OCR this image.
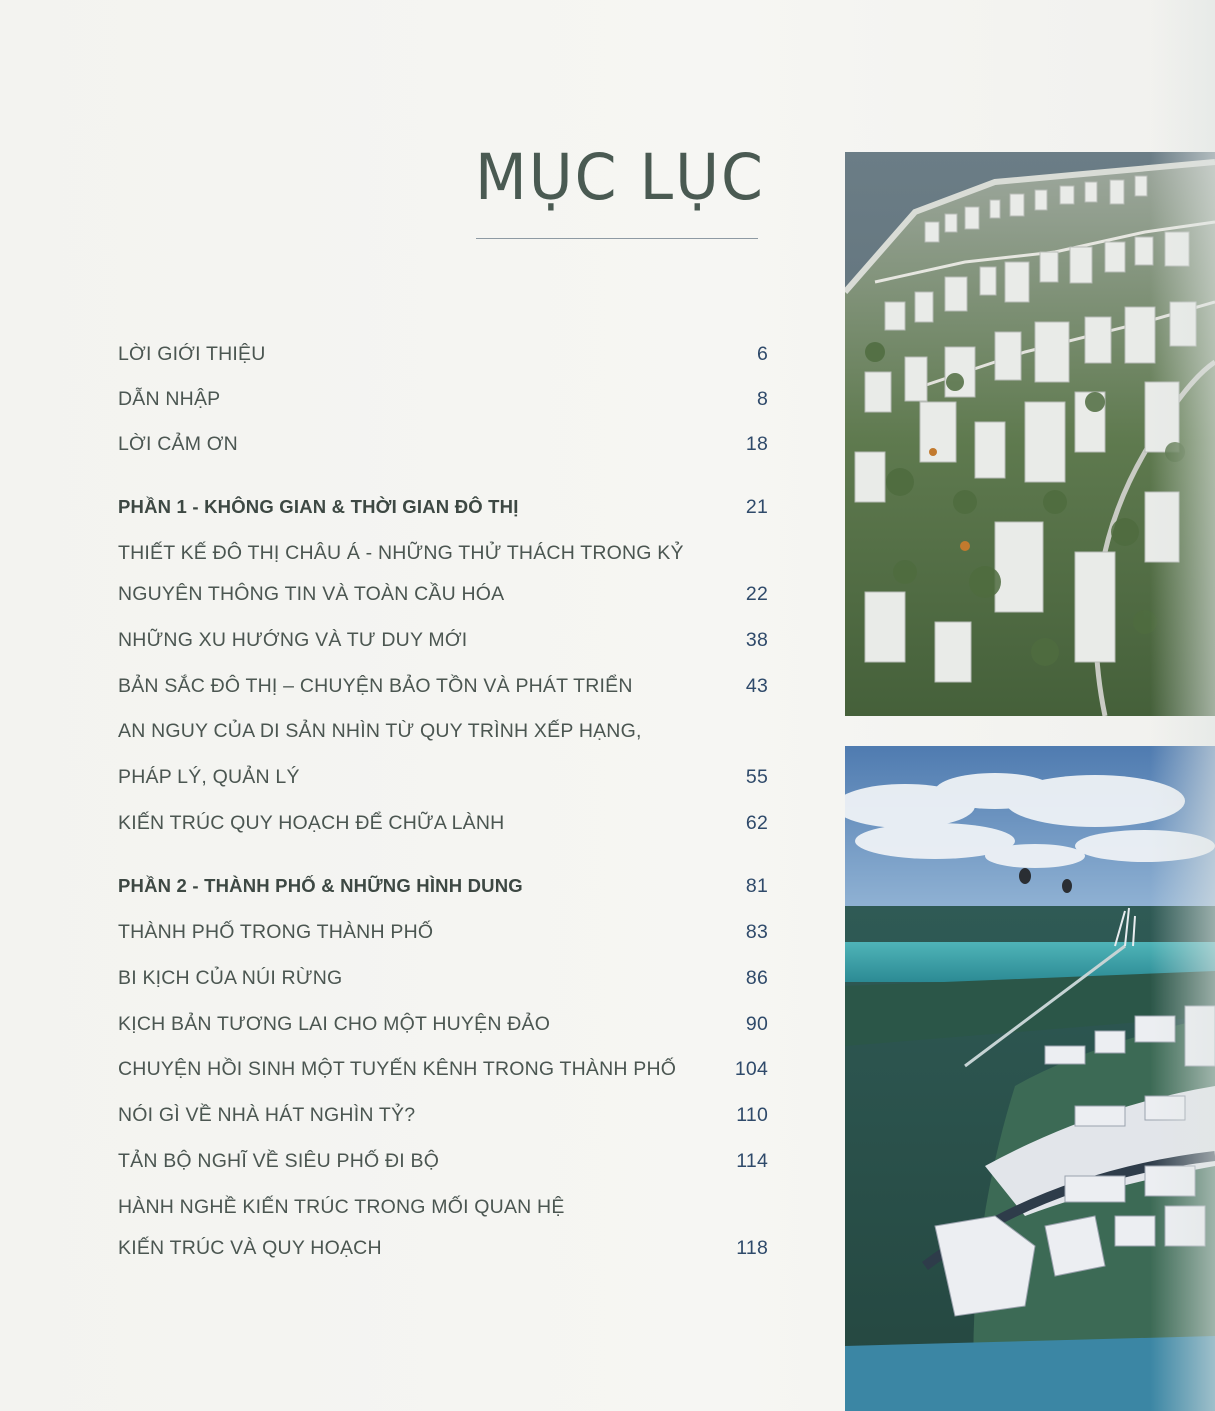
MỤC LỤC
LỜI GIỚI THIỆU	6
DẪN NHẬP	8
LỜI CẢM ƠN	18
PHẦN 1 - KHÔNG GIAN & THỜI GIAN ĐÔ THỊ	21
THIẾT KẾ ĐÔ THỊ CHÂU Á - NHỮNG THỬ THÁCH TRONG KỶ
NGUYÊN THÔNG TIN VÀ TOÀN CẦU HÓA	22
NHỮNG XU HƯỚNG VÀ TƯ DUY MỚI	38
BẢN SẮC ĐÔ THỊ – CHUYỆN BẢO TỒN VÀ PHÁT TRIỂN	43
AN NGUY CỦA DI SẢN NHÌN TỪ QUY TRÌNH XẾP HẠNG,
PHÁP LÝ, QUẢN LÝ	55
KIẾN TRÚC QUY HOẠCH ĐỂ CHỮA LÀNH	62
PHẦN 2 - THÀNH PHỐ & NHỮNG HÌNH DUNG	81
THÀNH PHỐ TRONG THÀNH PHỐ	83
BI KỊCH CỦA NÚI RỪNG	86
KỊCH BẢN TƯƠNG LAI CHO MỘT HUYỆN ĐẢO	90
CHUYỆN HỒI SINH MỘT TUYẾN KÊNH TRONG THÀNH PHỐ	104
NÓI GÌ VỀ NHÀ HÁT NGHÌN TỶ?	110
TẢN BỘ NGHĨ VỀ SIÊU PHỐ ĐI BỘ	114
HÀNH NGHỀ KIẾN TRÚC TRONG MỐI QUAN HỆ
KIẾN TRÚC VÀ QUY HOẠCH	118
